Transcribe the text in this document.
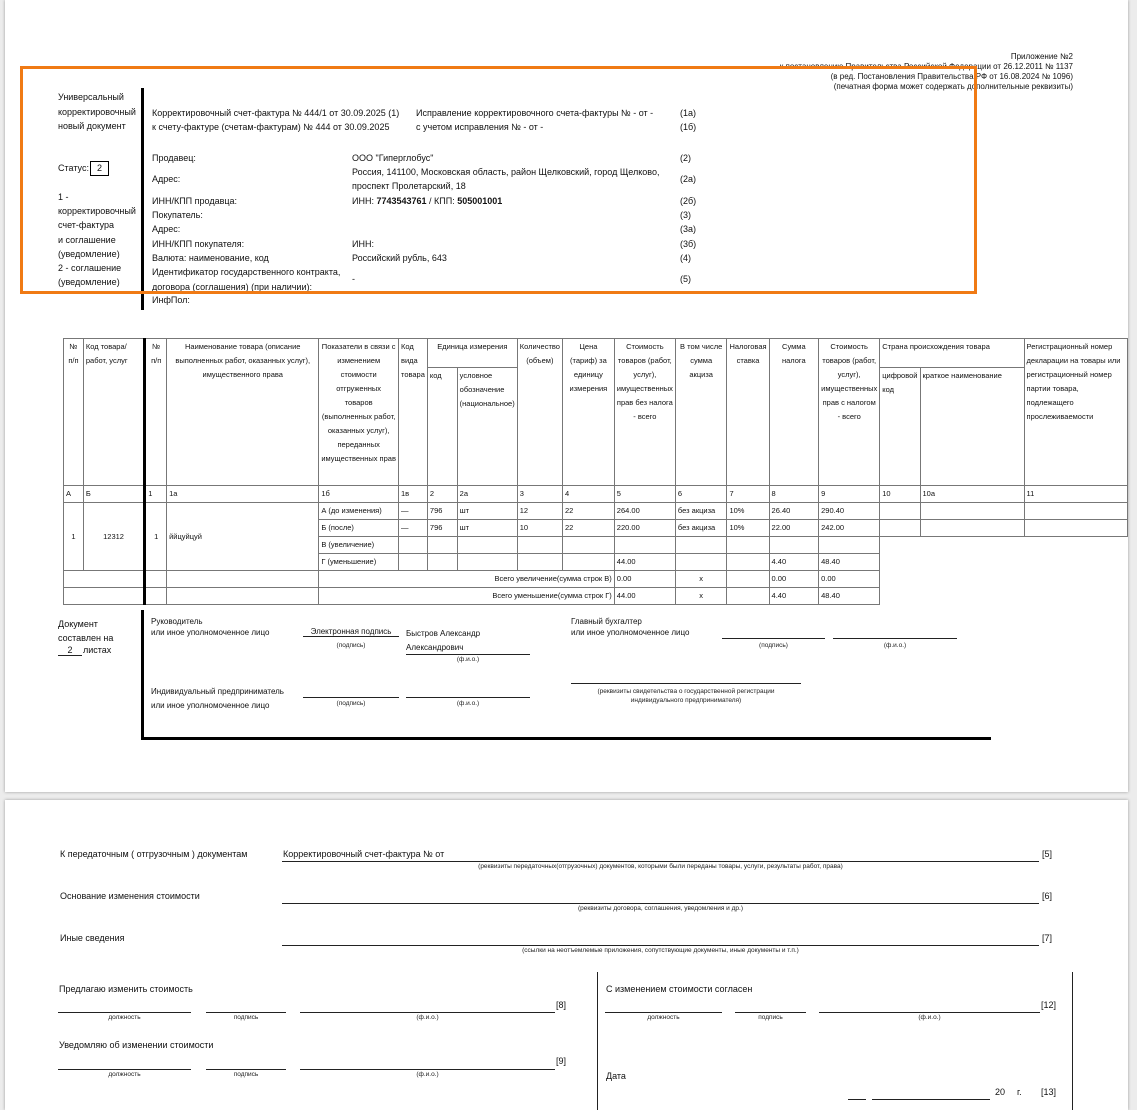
Приложение №2
к постановлению Правительства Российской Федерации от 26.12.2011 № 1137
(в ред. Постановления Правительства РФ от 16.08.2024 № 1096)
(печатная форма может содержать дополнительные реквизиты)
Универсальный
корректировочный
новый документ
Статус: 2
1 -
корректировочный
счет-фактура
и соглашение
(уведомление)
2 - соглашение
(уведомление)
Корректировочный счет-фактура № 444/1 от 30.09.2025 (1)
к счету-фактуре (счетам-фактурам) № 444 от 30.09.2025
Исправление корректировочного счета-фактуры № - от -
с учетом исправления № - от -
(1а)
(1б)
Продавец:	ООО "Гиперглобус"	(2)
Адрес:
Россия, 141100, Московская область, район Щелковский, город Щелково,
проспект Пролетарский, 18
(2а)
ИНН/КПП продавца:	ИНН: 7743543761 / КПП: 505001001	(2б)
Покупатель:	(3)
Адрес:	(3а)
ИНН/КПП покупателя:	ИНН:	(3б)
Валюта: наименование, код	Российский рубль, 643	(4)
Идентификатор государственного контракта,
договора (соглашения) (при наличии):
-	(5)
ИнфПол:
№ п/п	Код товара/ работ, услуг	№ п/п	Наименование товара (описание выполненных работ, оказанных услуг), имущественного права	Показатели в связи с изменением стоимости отгруженных товаров (выполненных работ, оказанных услуг), переданных имущественных прав	Код вида товара	Единица измерения		Количество (объем)	Цена (тариф) за единицу измерения	Стоимость товаров (работ, услуг), имущественных прав без налога - всего	В том числе сумма акциза	Налоговая ставка	Сумма налога	Стоимость товаров (работ, услуг), имущественных прав с налогом - всего	Страна происхождения товара		Регистрационный номер декларации на товары или регистрационный номер партии товара, подлежащего прослеживаемости
						код	условное обозначение (национальное)								цифровой код	краткое наименование	
А	Б	1	1а	1б	1в	2	2а	3	4	5	6	7	8	9	10	10а	11
1	12312	1	ййцуйцуй	А (до изменения)	—	796	шт	12	22	264.00	без акциза	10%	26.40	290.40			
				Б (после)	—	796	шт	10	22	220.00	без акциза	10%	22.00	242.00			
				В (увеличение)													
				Г (уменьшение)						44.00			4.40	48.40			
				Всего увеличение(сумма строк В)						0.00	x		0.00	0.00			
				Всего уменьшение(сумма строк Г)						44.00	x		4.40	48.40			
Документ
составлен на
2	листах
Руководитель
или иное уполномоченное лицо	Электронная подпись
(подпись)
Быстров Александр
Александрович
(ф.и.о.)
Главный бухгалтер
или иное уполномоченное лицо
(подпись)	(ф.и.о.)
Индивидуальный предприниматель
или иное уполномоченное лицо	(подпись)	(ф.и.о.)
(реквизиты свидетельства о государственной регистрации
индивидуального предпринимателя)
К передаточным ( отгрузочным ) документам	Корректировочный счет-фактура № от	[5]
(реквизиты передаточных(отгрузочных) документов, которыми были переданы товары, услуги, результаты работ, права)
Основание изменения стоимости	[6]
(реквизиты договора, соглашения, уведомления и др.)
Иные сведения	[7]
(ссылки на неотъемлемые приложения, сопутствующие документы, иные документы и т.п.)
Предлагаю изменить стоимость
[8]
должность	подпись	(ф.и.о.)
Уведомляю об изменении стоимости
[9]
должность	подпись	(ф.и.о.)
С изменением стоимости согласен
[12]
должность	подпись	(ф.и.о.)
Дата
20 г. [13]
